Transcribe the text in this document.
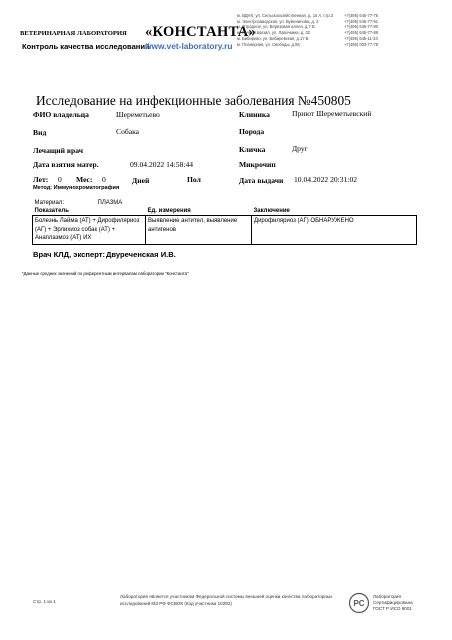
ВЕТЕРИНАРНАЯ ЛАБОРАТОРИЯ «КОНСТАНТА»
Контроль качества исследований
www.vet-laboratory.ru
м. ВДНХ, ул. Сельскохозяйственная, д. 16 А, стр.3
м. Электрозаводская, ул. Буженинова, д. 2
м. Отрадное, ул. Берёзовая аллея, д.7 Б
м. Речной вокзал, ул. Лавочкина, д. 32
м. Бибирево, ул. Бибиревская, д.17 Б
м. Планерная, ул. Свободы, д.85
+7(495) 645-77-76
+7(495) 645-77-91
+7(495) 645-77-90
+7(495) 645-77-89
+7(495) 645-11-34
+7(495) 003-77-75
Исследование на инфекционные заболевания №450805
ФИО владельца	Шереметьево	Клиника	Приют Шереметьевский
Вид	Собака	Порода
Лечащий врач	Кличка	Друг
Дата взятия матер.	09.04.2022 14:58:44	Микрочип
Лет: 0 Мес: 0	Дней	Пол	Дата выдачи 10.04.2022 20:31:02
Метод: Иммунохроматография
Материал:	ПЛАЗМА	
Показатель	Ед. измерения	Заключение
Болезнь Лайма (АТ) + Дирофиляриоз (АГ) + Эрлихиоз собак (АТ) + Анаплазмоз (АТ) ИХ	Выявление антител, выявление антигенов	Дирофиляриоз (АГ) ОБНАРУЖЕНО
Врач КЛД, эксперт: Двуреченская И.В.
*Данные средних значений по референтным интервалам лаборатории "Константа"
Стр. 1 из 1
Лаборатория является участником Федеральной системы внешней оценки качества лабораторных исследований МЗ РФ ФСВОК (Код участника 10292)	PC
Лаборатория
Сертифицирована
ГОСТ Р ИСО 9001
